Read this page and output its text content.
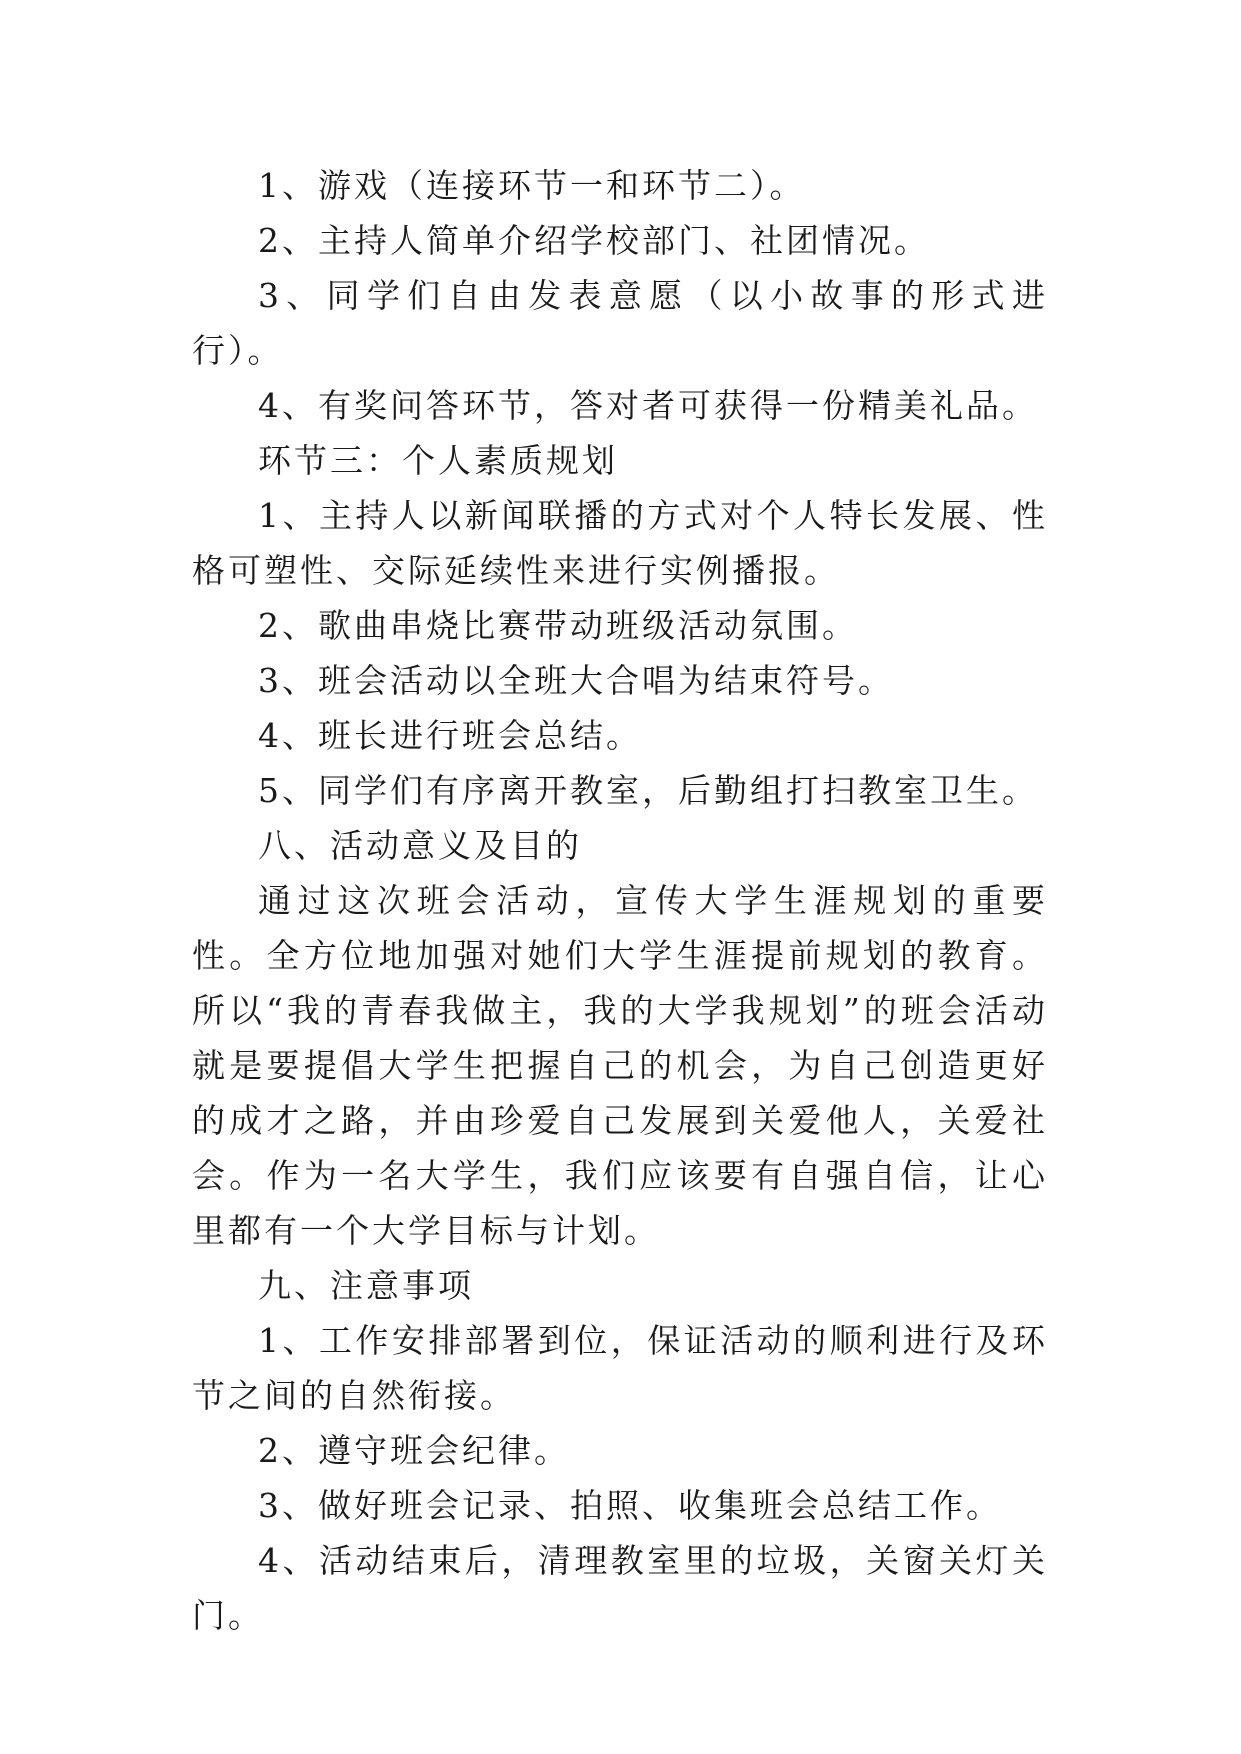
1、游戏（连接环节一和环节二）。

2、主持人简单介绍学校部门、社团情况。

3、同学们自由发表意愿（以小故事的形式进行）。

4、有奖问答环节，答对者可获得一份精美礼品。

环节三：个人素质规划

1、主持人以新闻联播的方式对个人特长发展、性格可塑性、交际延续性来进行实例播报。

2、歌曲串烧比赛带动班级活动氛围。

3、班会活动以全班大合唱为结束符号。

4、班长进行班会总结。

5、同学们有序离开教室，后勤组打扫教室卫生。

八、活动意义及目的

通过这次班会活动，宣传大学生涯规划的重要性。全方位地加强对她们大学生涯提前规划的教育。所以“我的青春我做主，我的大学我规划”的班会活动就是要提倡大学生把握自己的机会，为自己创造更好的成才之路，并由珍爱自己发展到关爱他人，关爱社会。作为一名大学生，我们应该要有自强自信，让心里都有一个大学目标与计划。

九、注意事项

1、工作安排部署到位，保证活动的顺利进行及环节之间的自然衔接。

2、遵守班会纪律。

3、做好班会记录、拍照、收集班会总结工作。

4、活动结束后，清理教室里的垃圾，关窗关灯关门。
